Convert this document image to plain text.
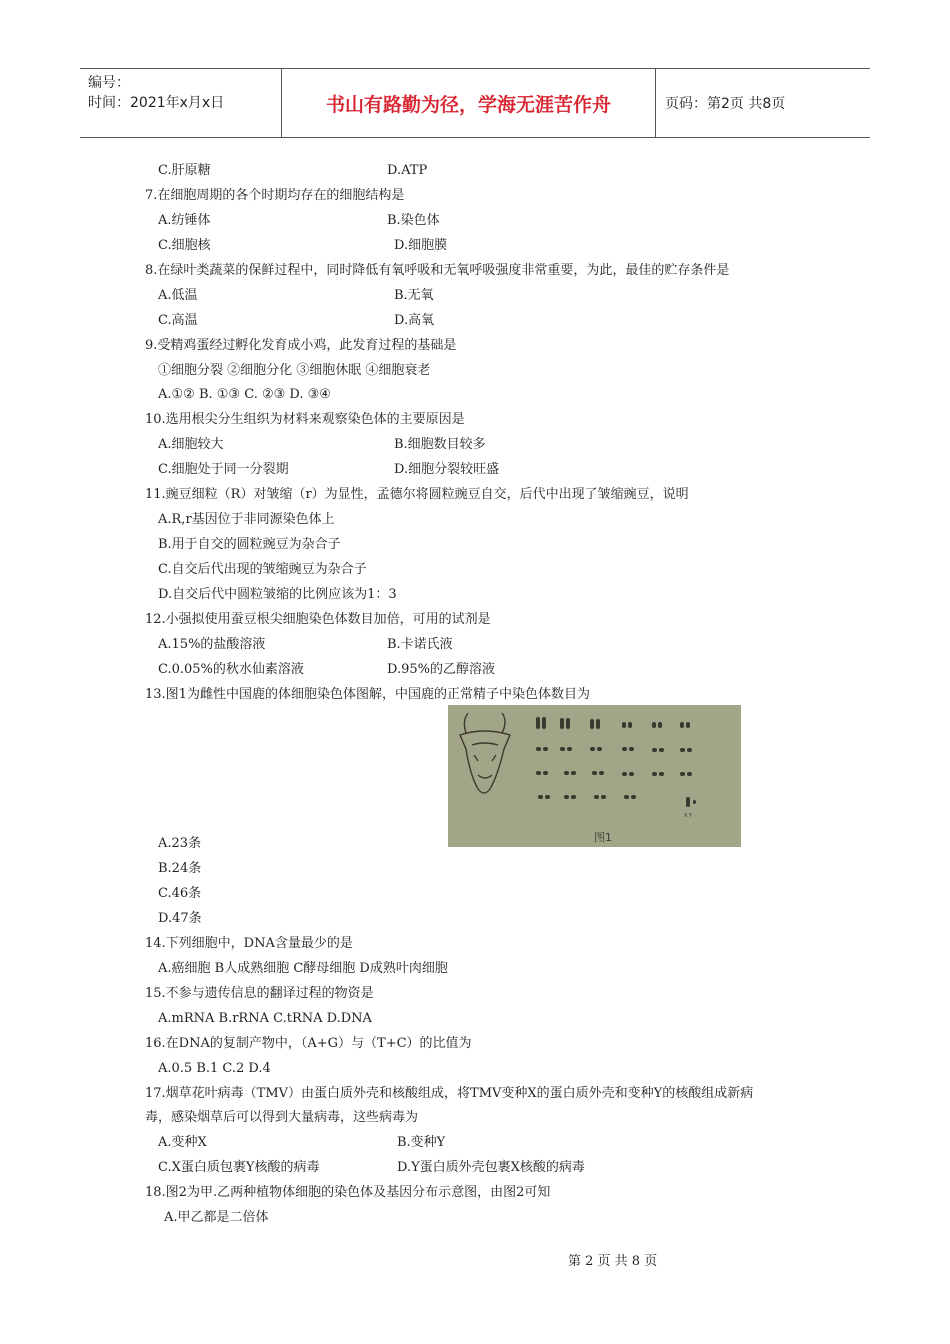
编号：
时间：2021年x月x日	书山有路勤为径，学海无涯苦作舟	页码：第2页 共8页
C.肝原糖	D.ATP
7.在细胞周期的各个时期均存在的细胞结构是
A.纺锤体	B.染色体
C.细胞核	D.细胞膜
8.在绿叶类蔬菜的保鲜过程中，同时降低有氧呼吸和无氧呼吸强度非常重要，为此，最佳的贮存条件是
A.低温	B.无氧
C.高温	D.高氧
9.受精鸡蛋经过孵化发育成小鸡，此发育过程的基础是
①细胞分裂 ②细胞分化 ③细胞休眠 ④细胞衰老
A.①② B. ①③ C. ②③ D. ③④
10.选用根尖分生组织为材料来观察染色体的主要原因是
A.细胞较大	B.细胞数目较多
C.细胞处于同一分裂期	D.细胞分裂较旺盛
11.豌豆细粒（R）对皱缩（r）为显性，孟德尔将圆粒豌豆自交，后代中出现了皱缩豌豆，说明
A.R,r基因位于非同源染色体上
B.用于自交的圆粒豌豆为杂合子
C.自交后代出现的皱缩豌豆为杂合子
D.自交后代中圆粒皱缩的比例应该为1：3
12.小强拟使用蚕豆根尖细胞染色体数目加倍，可用的试剂是
A.15%的盐酸溶液	B.卡诺氏液
C.0.05%的秋水仙素溶液	D.95%的乙醇溶液
13.图1为雌性中国鹿的体细胞染色体图解，中国鹿的正常精子中染色体数目为
A.23条
B.24条
C.46条
D.47条
14.下列细胞中，DNA含量最少的是
A.癌细胞 B人成熟细胞 C酵母细胞 D成熟叶肉细胞
15.不参与遗传信息的翻译过程的物资是
A.mRNA B.rRNA C.tRNA D.DNA
16.在DNA的复制产物中，（A+G）与（T+C）的比值为
A.0.5 B.1 C.2 D.4
17.烟草花叶病毒（TMV）由蛋白质外壳和核酸组成，将TMV变种X的蛋白质外壳和变种Y的核酸组成新病
毒，感染烟草后可以得到大量病毒，这些病毒为
A.变种X	B.变种Y
C.X蛋白质包裹Y核酸的病毒	D.Y蛋白质外壳包裹X核酸的病毒
18.图2为甲.乙两种植物体细胞的染色体及基因分布示意图，由图2可知
A.甲乙都是二倍体
X Y
图1
第 2 页 共 8 页
